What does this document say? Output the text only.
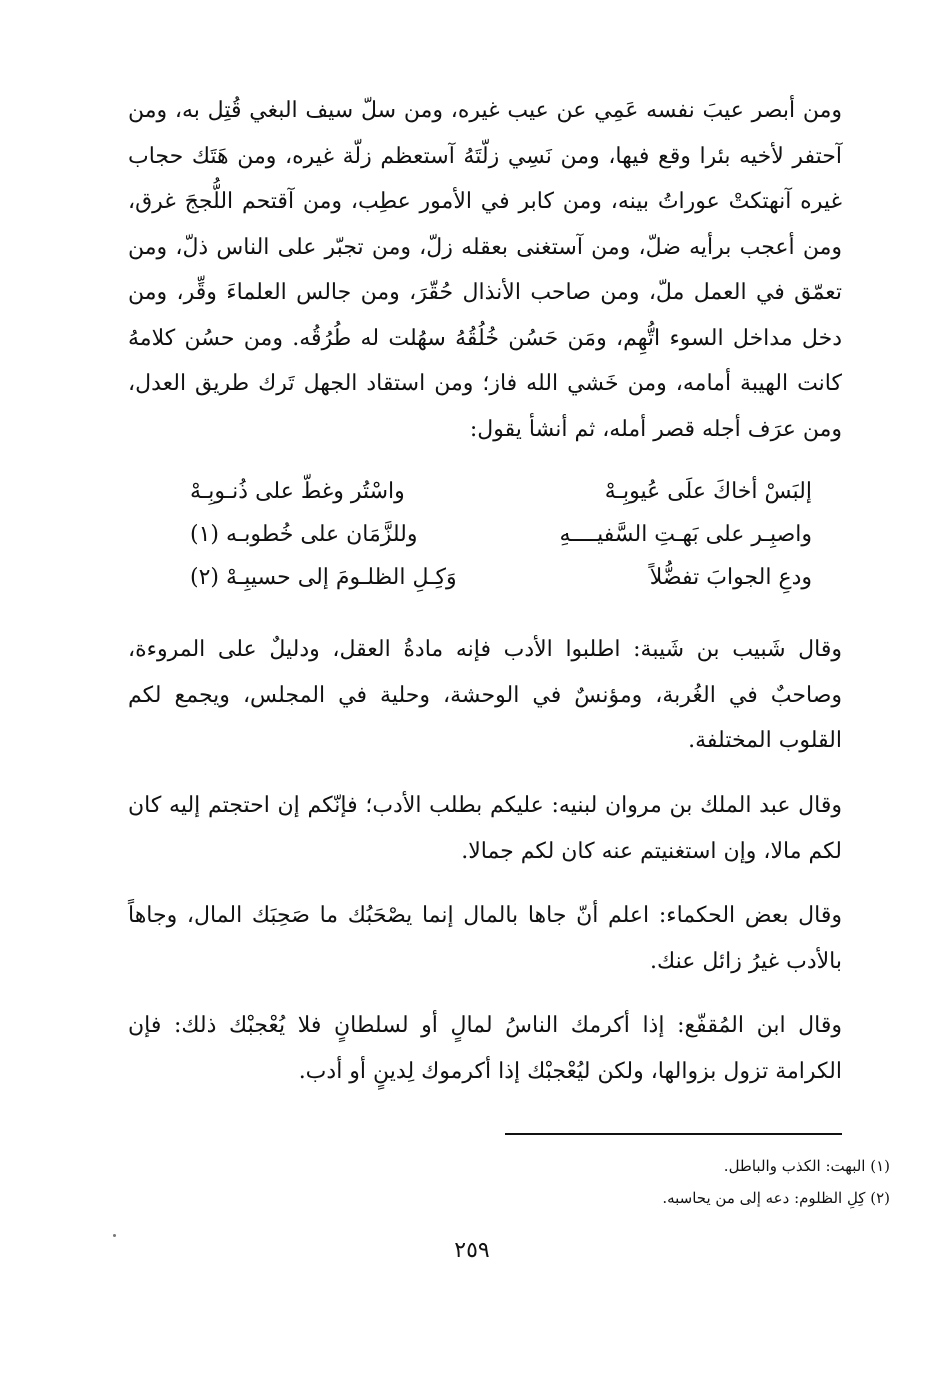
ومن أبصر عيبَ نفسه عَمِي عن عيب غيره، ومن سلّ سيف البغي قُتِل به، ومن آحتفر لأخيه بئرا وقع فيها، ومن نَسِي زلّتَهُ آستعظم زلّة غيره، ومن هَتَك حجاب غيره آنهتكتْ عوراتُ بينه، ومن كابر في الأمور عطِب، ومن آقتحم اللُّججَ غرق، ومن أعجب برأيه ضلّ، ومن آستغنى بعقله زلّ، ومن تجبّر على الناس ذلّ، ومن تعمّق في العمل ملّ، ومن صاحب الأنذال حُقّرَ، ومن جالس العلماءَ وقِّر، ومن دخل مداخل السوء اتُّهِم، ومَن حَسُن خُلُقُهُ سهُلت له طُرُقُه. ومن حسُن كلامهُ كانت الهيبة أمامه، ومن خَشي الله فاز؛ ومن استقاد الجهل تَرك طريق العدل، ومن عرَف أجله قصر أمله، ثم أنشأ يقول:

إلبَسْ أخاكَ علَى عُيوبِـهْ
واسْتُر وغطّ على ذُنـوبِـهْ
واصبِـر على بَهـتِ السَّفيــــهِ
وللزَّمَان على خُطوبـه (١)
ودعِ الجوابَ تفضُّلاً
وَكِـلِ الظلـومَ إلى حسيبِـهْ (٢)

وقال شَبيب بن شَيبة: اطلبوا الأدب فإنه مادةُ العقل، ودليلٌ على المروءة، وصاحبٌ في الغُربة، ومؤنسٌ في الوحشة، وحلية في المجلس، ويجمع لكم القلوب المختلفة.

وقال عبد الملك بن مروان لبنيه: عليكم بطلب الأدب؛ فإنّكم إن احتجتم إليه كان لكم مالا، وإن استغنيتم عنه كان لكم جمالا.

وقال بعض الحكماء: اعلم أنّ جاها بالمال إنما يصْحَبُك ما صَحِبَك المال، وجاهاً بالأدب غيرُ زائل عنك.

وقال ابن المُقفّع: إذا أكرمك الناسُ لمالٍ أو لسلطانٍ فلا يُعْجبْك ذلك: فإن الكرامة تزول بزوالها، ولكن ليُعْجبْك إذا أكرموك لِدينٍ أو أدب.

(١) البهت: الكذب والباطل.
(٢) كِلِ الظلوم: دعه إلى من يحاسبه.
٢٥٩
